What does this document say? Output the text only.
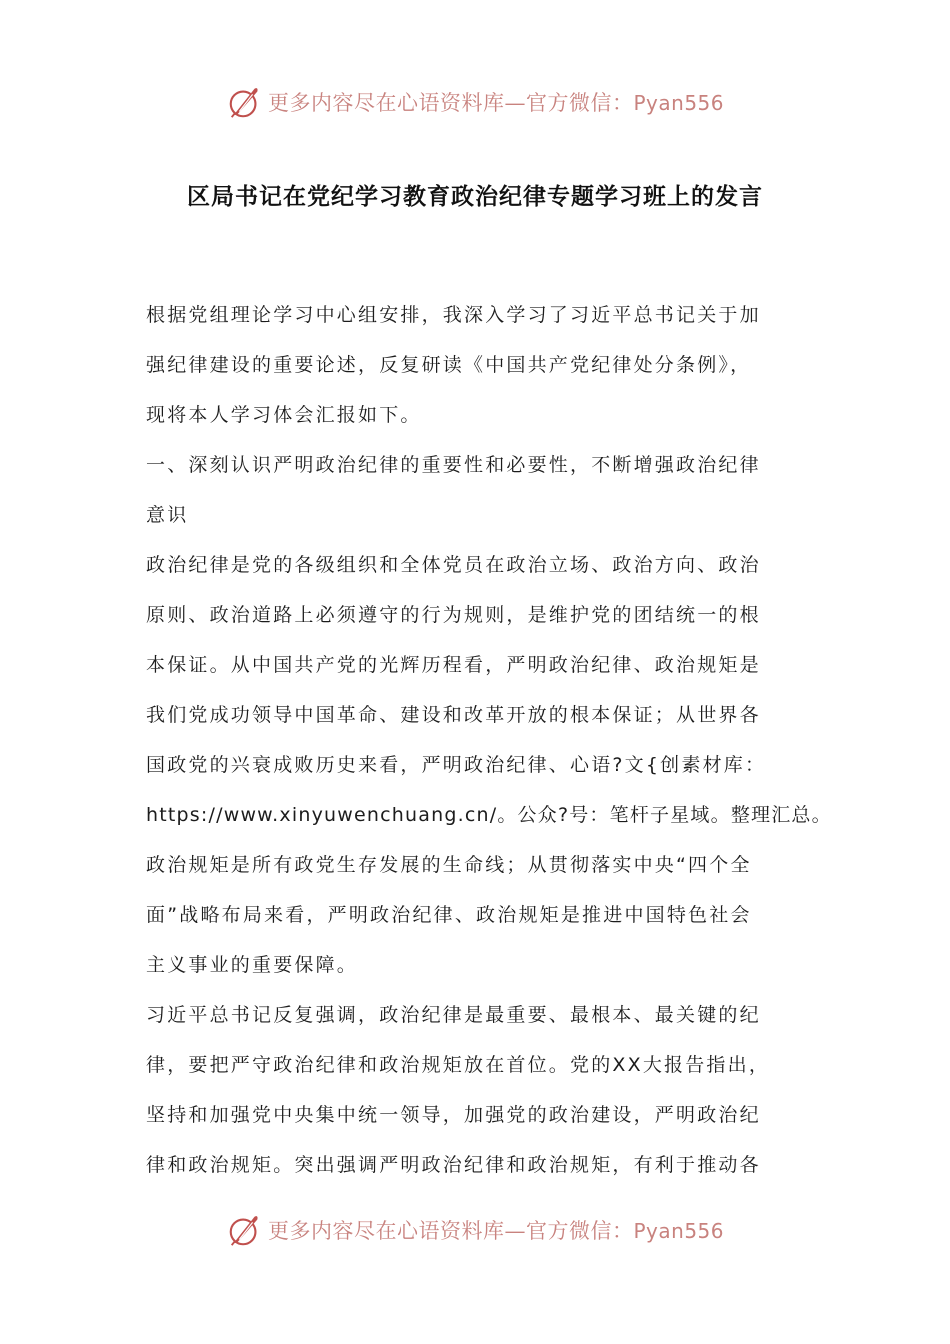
更多内容尽在心语资料库—官方微信：Pyan556
区局书记在党纪学习教育政治纪律专题学习班上的发言
根据党组理论学习中心组安排，我深入学习了习近平总书记关于加
强纪律建设的重要论述，反复研读《中国共产党纪律处分条例》，
现将本人学习体会汇报如下。
一、深刻认识严明政治纪律的重要性和必要性，不断增强政治纪律
意识
政治纪律是党的各级组织和全体党员在政治立场、政治方向、政治
原则、政治道路上必须遵守的行为规则，是维护党的团结统一的根
本保证。从中国共产党的光辉历程看，严明政治纪律、政治规矩是
我们党成功领导中国革命、建设和改革开放的根本保证；从世界各
国政党的兴衰成败历史来看，严明政治纪律、心语?文{创素材库：
https://www.xinyuwenchuang.cn/。公众?号：笔杆子星域。整理汇总。
政治规矩是所有政党生存发展的生命线；从贯彻落实中央“四个全
面”战略布局来看，严明政治纪律、政治规矩是推进中国特色社会
主义事业的重要保障。
习近平总书记反复强调，政治纪律是最重要、最根本、最关键的纪
律，要把严守政治纪律和政治规矩放在首位。党的XX大报告指出，
坚持和加强党中央集中统一领导，加强党的政治建设，严明政治纪
律和政治规矩。突出强调严明政治纪律和政治规矩，有利于推动各
更多内容尽在心语资料库—官方微信：Pyan556
